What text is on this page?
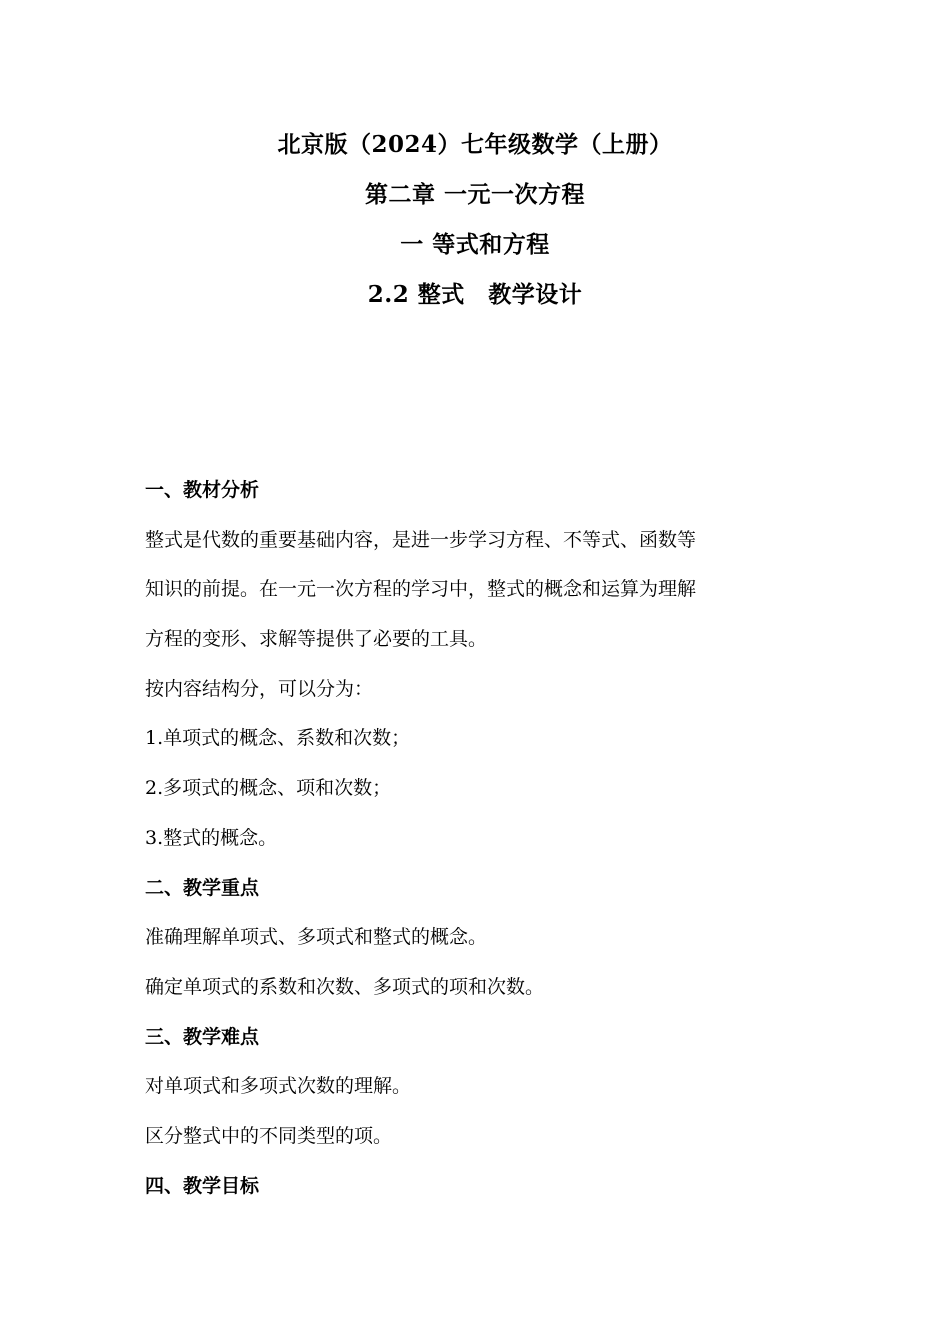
北京版（2024）七年级数学（上册）
第二章 一元一次方程
一 等式和方程
2.2 整式　教学设计
一、教材分析
整式是代数的重要基础内容，是进一步学习方程、不等式、函数等
知识的前提。在一元一次方程的学习中，整式的概念和运算为理解
方程的变形、求解等提供了必要的工具。
按内容结构分，可以分为：
1.单项式的概念、系数和次数；
2.多项式的概念、项和次数；
3.整式的概念。
二、教学重点
准确理解单项式、多项式和整式的概念。
确定单项式的系数和次数、多项式的项和次数。
三、教学难点
对单项式和多项式次数的理解。
区分整式中的不同类型的项。
四、教学目标
